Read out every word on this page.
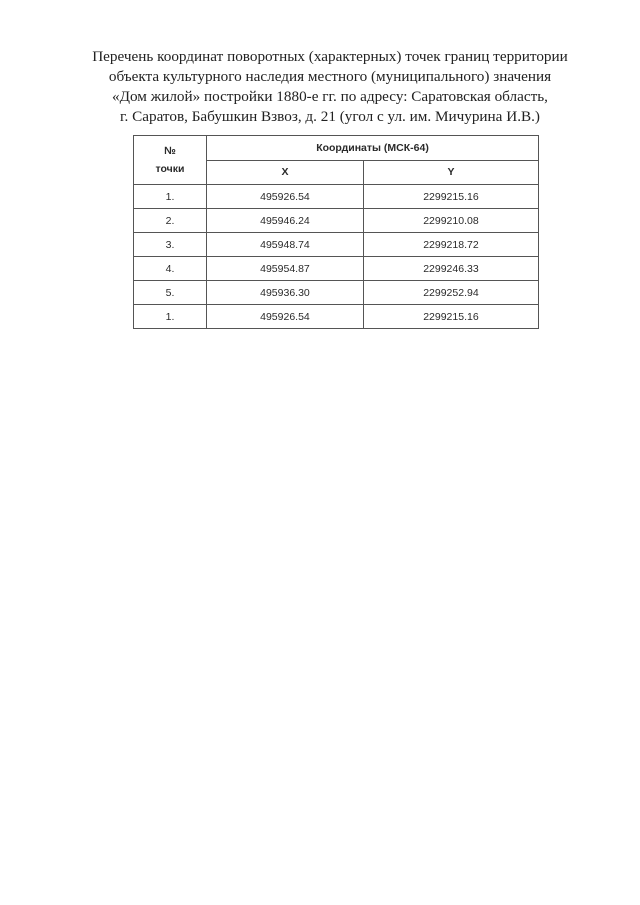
Перечень координат поворотных (характерных) точек границ территории
объекта культурного наследия местного (муниципального) значения
«Дом жилой» постройки 1880-е гг. по адресу: Саратовская область,
г. Саратов, Бабушкин Взвоз, д. 21 (угол с ул. им. Мичурина И.В.)
№
точки	Координаты (МСК-64)	
	X	Y
1.	495926.54	2299215.16
2.	495946.24	2299210.08
3.	495948.74	2299218.72
4.	495954.87	2299246.33
5.	495936.30	2299252.94
1.	495926.54	2299215.16
